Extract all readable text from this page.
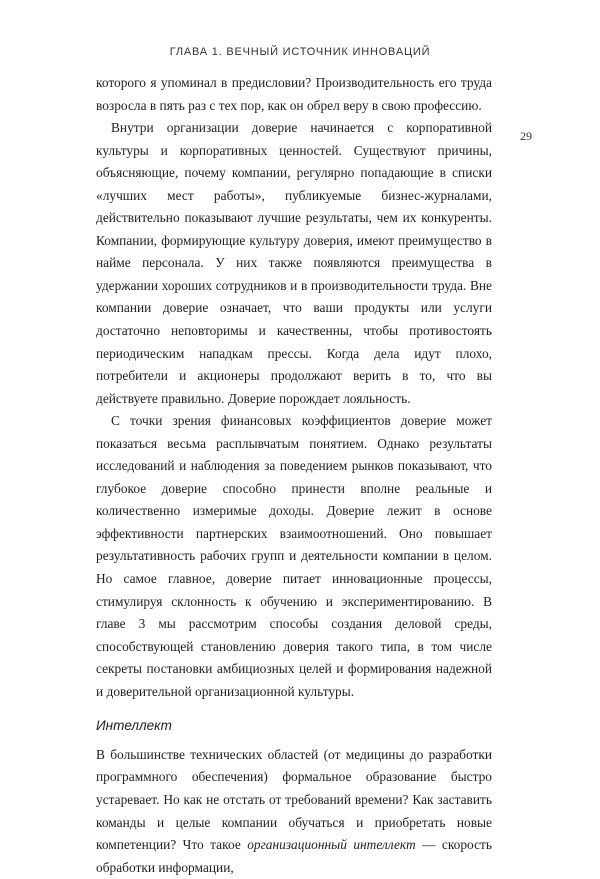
ГЛАВА 1. ВЕЧНЫЙ ИСТОЧНИК ИННОВАЦИЙ
29

которого я упоминал в предисловии? Производительность его труда возросла в пять раз с тех пор, как он обрел веру в свою профессию.

Внутри организации доверие начинается с корпоративной культуры и корпоративных ценностей. Существуют причины, объясняющие, почему компании, регулярно попадающие в списки «лучших мест работы», публикуемые бизнес-журналами, действительно показывают лучшие результаты, чем их конкуренты. Компании, формирующие культуру доверия, имеют преимущество в найме персонала. У них также появляются преимущества в удержании хороших сотрудников и в производительности труда. Вне компании доверие означает, что ваши продукты или услуги достаточно неповторимы и качественны, чтобы противостоять периодическим нападкам прессы. Когда дела идут плохо, потребители и акционеры продолжают верить в то, что вы действуете правильно. Доверие порождает лояльность.

С точки зрения финансовых коэффициентов доверие может показаться весьма расплывчатым понятием. Однако результаты исследований и наблюдения за поведением рынков показывают, что глубокое доверие способно принести вполне реальные и количественно измеримые доходы. Доверие лежит в основе эффективности партнерских взаимоотношений. Оно повышает результативность рабочих групп и деятельности компании в целом. Но самое главное, доверие питает инновационные процессы, стимулируя склонность к обучению и экспериментированию. В главе 3 мы рассмотрим способы создания деловой среды, способствующей становлению доверия такого типа, в том числе секреты постановки амбициозных целей и формирования надежной и доверительной организационной культуры.

Интеллект

В большинстве технических областей (от медицины до разработки программного обеспечения) формальное образование быстро устаревает. Но как не отстать от требований времени? Как заставить команды и целые компании обучаться и приобретать новые компетенции? Что такое организационный интеллект — скорость обработки информации,
